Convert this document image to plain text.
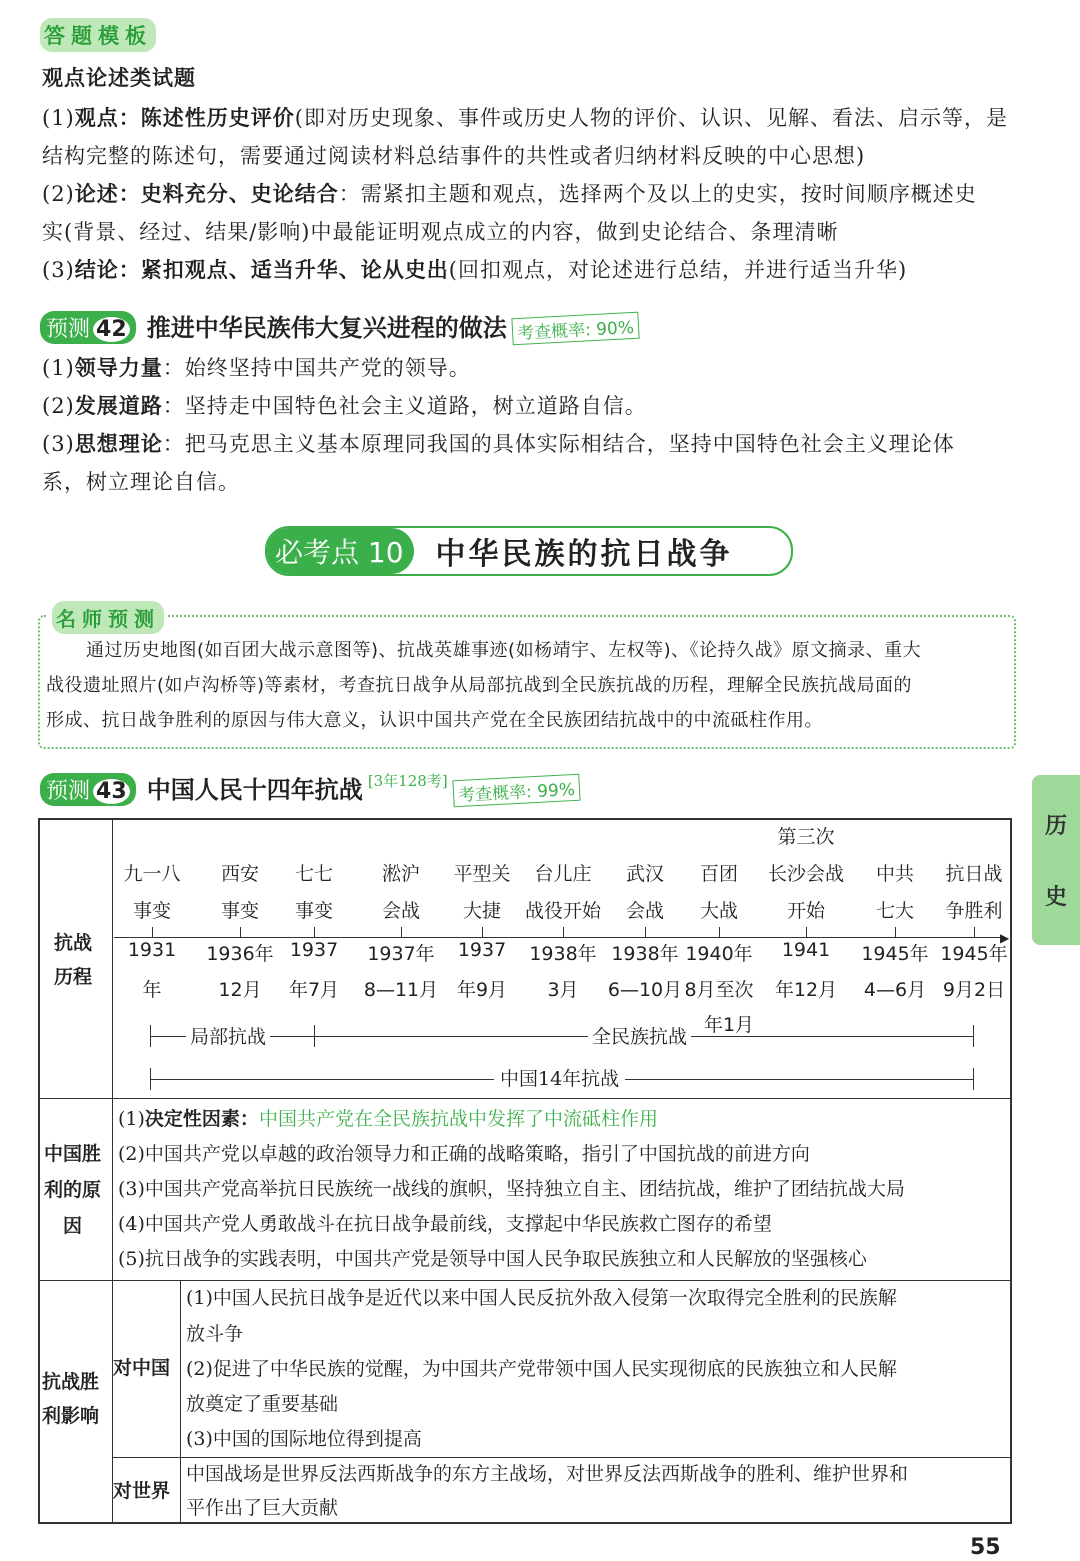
答题模板
观点论述类试题
(1)观点：陈述性历史评价(即对历史现象、事件或历史人物的评价、认识、见解、看法、启示等，是
结构完整的陈述句，需要通过阅读材料总结事件的共性或者归纳材料反映的中心思想)
(2)论述：史料充分、史论结合：需紧扣主题和观点，选择两个及以上的史实，按时间顺序概述史
实(背景、经过、结果/影响)中最能证明观点成立的内容，做到史论结合、条理清晰
(3)结论：紧扣观点、适当升华、论从史出(回扣观点，对论述进行总结，并进行适当升华)
预测 42 推进中华民族伟大复兴进程的做法 考查概率: 90%
(1)领导力量：始终坚持中国共产党的领导。
(2)发展道路：坚持走中国特色社会主义道路，树立道路自信。
(3)思想理论：把马克思主义基本原理同我国的具体实际相结合，坚持中国特色社会主义理论体
系，树立理论自信。
必考点 10	中华民族的抗日战争
名师预测
通过历史地图(如百团大战示意图等)、抗战英雄事迹(如杨靖宇、左权等)、《论持久战》原文摘录、重大
战役遗址照片(如卢沟桥等)等素材，考查抗日战争从局部抗战到全民族抗战的历程，理解全民族抗战局面的
形成、抗日战争胜利的原因与伟大意义，认识中国共产党在全民族团结抗战中的中流砥柱作用。
预测 43 中国人民十四年抗战 [3年128考] 考查概率: 99%
抗战
历程
九一八
事变
1931
年
西安
事变
1936年
12月
七七
事变
1937
年7月
淞沪
会战
1937年
8—11月
平型关
大捷
1937
年9月
台儿庄
战役开始
1938年
3月
武汉
会战
1938年
6—10月
百团
大战
1940年
8月至次
年1月
第三次
长沙会战
开始
1941
年12月
中共
七大
1945年
4—6月
抗日战
争胜利
1945年
9月2日
▶
局部抗战	全民族抗战
中国14年抗战
中国胜
利的原
因
(1)决定性因素：中国共产党在全民族抗战中发挥了中流砥柱作用
(2)中国共产党以卓越的政治领导力和正确的战略策略，指引了中国抗战的前进方向
(3)中国共产党高举抗日民族统一战线的旗帜，坚持独立自主、团结抗战，维护了团结抗战大局
(4)中国共产党人勇敢战斗在抗日战争最前线，支撑起中华民族救亡图存的希望
(5)抗日战争的实践表明，中国共产党是领导中国人民争取民族独立和人民解放的坚强核心
抗战胜
利影响
对中国
(1)中国人民抗日战争是近代以来中国人民反抗外敌入侵第一次取得完全胜利的民族解
放斗争
(2)促进了中华民族的觉醒，为中国共产党带领中国人民实现彻底的民族独立和人民解
放奠定了重要基础
(3)中国的国际地位得到提高
对世界
中国战场是世界反法西斯战争的东方主战场，对世界反法西斯战争的胜利、维护世界和
平作出了巨大贡献
历
史
55
